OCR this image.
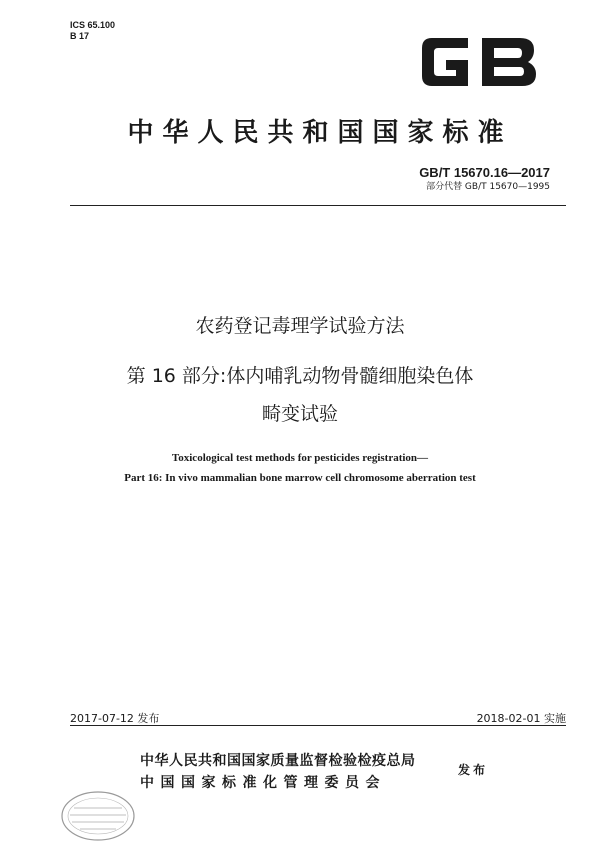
ICS 65.100
B 17
中华人民共和国国家标准
GB/T 15670.16—2017
部分代替 GB/T 15670—1995
农药登记毒理学试验方法
第 16 部分:体内哺乳动物骨髓细胞染色体
畸变试验
Toxicological test methods for pesticides registration—
Part 16: In vivo mammalian bone marrow cell chromosome aberration test
2017-07-12 发布	2018-02-01 实施
中华人民共和国国家质量监督检验检疫总局
中国国家标准化管理委员会
发布
